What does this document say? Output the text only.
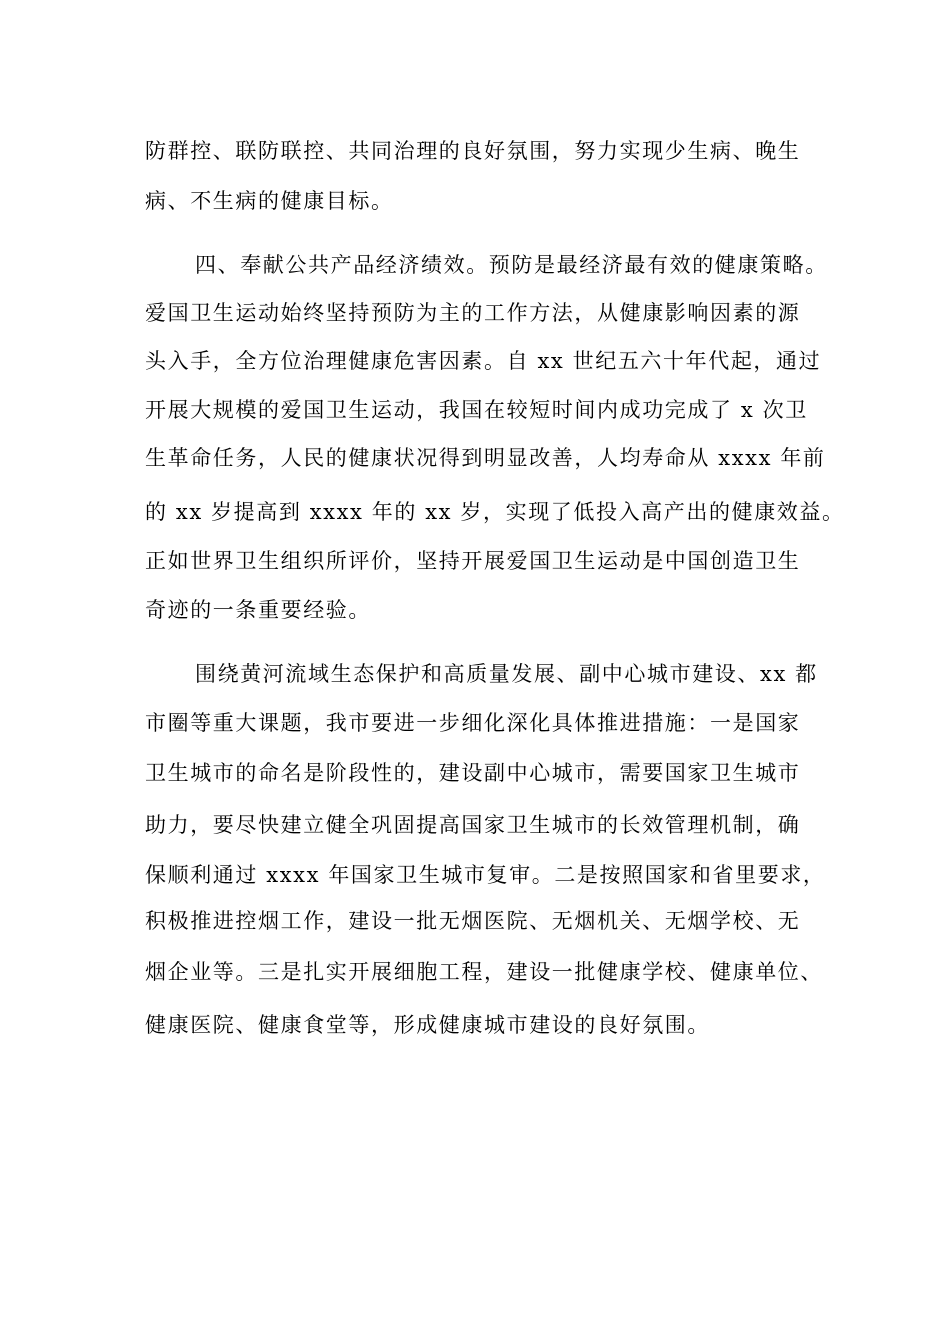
防群控、联防联控、共同治理的良好氛围，努力实现少生病、晚生
病、不生病的健康目标。
四、奉献公共产品经济绩效。预防是最经济最有效的健康策略。
爱国卫生运动始终坚持预防为主的工作方法，从健康影响因素的源
头入手，全方位治理健康危害因素。自 xx 世纪五六十年代起，通过
开展大规模的爱国卫生运动，我国在较短时间内成功完成了 x 次卫
生革命任务，人民的健康状况得到明显改善，人均寿命从 xxxx 年前
的 xx 岁提高到 xxxx 年的 xx 岁，实现了低投入高产出的健康效益。
正如世界卫生组织所评价，坚持开展爱国卫生运动是中国创造卫生
奇迹的一条重要经验。
围绕黄河流域生态保护和高质量发展、副中心城市建设、xx 都
市圈等重大课题，我市要进一步细化深化具体推进措施：一是国家
卫生城市的命名是阶段性的，建设副中心城市，需要国家卫生城市
助力，要尽快建立健全巩固提高国家卫生城市的长效管理机制，确
保顺利通过 xxxx 年国家卫生城市复审。二是按照国家和省里要求，
积极推进控烟工作，建设一批无烟医院、无烟机关、无烟学校、无
烟企业等。三是扎实开展细胞工程，建设一批健康学校、健康单位、
健康医院、健康食堂等，形成健康城市建设的良好氛围。
